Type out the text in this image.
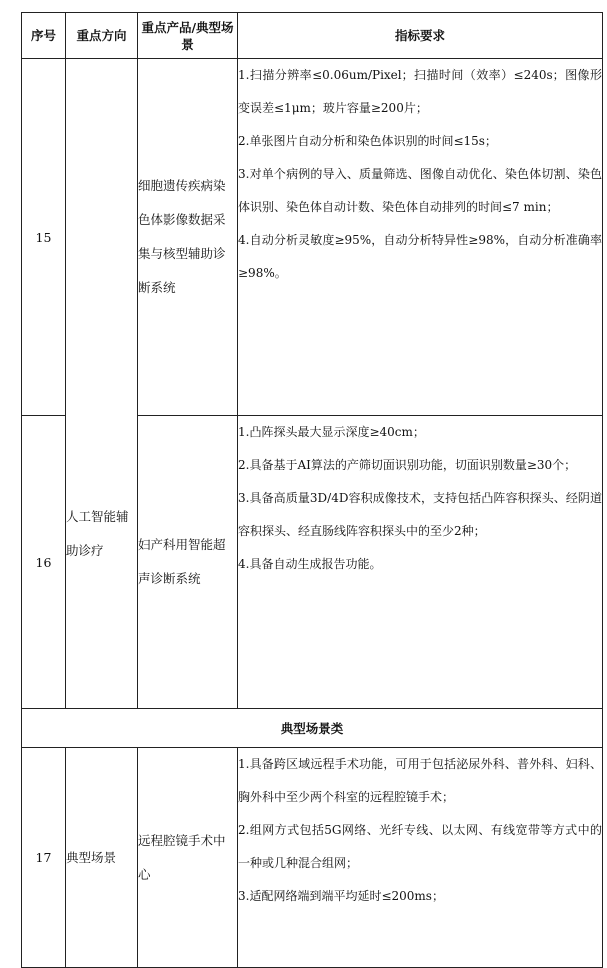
序号	重点方向	重点产品/典型场景	指标要求
15	人工智能辅助诊疗	细胞遗传疾病染色体影像数据采集与核型辅助诊断系统	1.扫描分辨率≤0.06um/Pixel；扫描时间（效率）≤240s；图像形变误差≤1μm；玻片容量≥200片；

2.单张图片自动分析和染色体识别的时间≤15s；

3.对单个病例的导入、质量筛选、图像自动优化、染色体切割、染色体识别、染色体自动计数、染色体自动排列的时间≤7 min；

4.自动分析灵敏度≥95%，自动分析特异性≥98%，自动分析准确率≥98%。

16		妇产科用智能超声诊断系统	1.凸阵探头最大显示深度≥40cm；

2.具备基于AI算法的产筛切面识别功能，切面识别数量≥30个；

3.具备高质量3D/4D容积成像技术，支持包括凸阵容积探头、经阴道容积探头、经直肠线阵容积探头中的至少2种；

4.具备自动生成报告功能。

典型场景类			
17	典型场景	远程腔镜手术中心	1.具备跨区域远程手术功能，可用于包括泌尿外科、普外科、妇科、胸外科中至少两个科室的远程腔镜手术；

2.组网方式包括5G网络、光纤专线、以太网、有线宽带等方式中的一种或几种混合组网；

3.适配网络端到端平均延时≤200ms；
